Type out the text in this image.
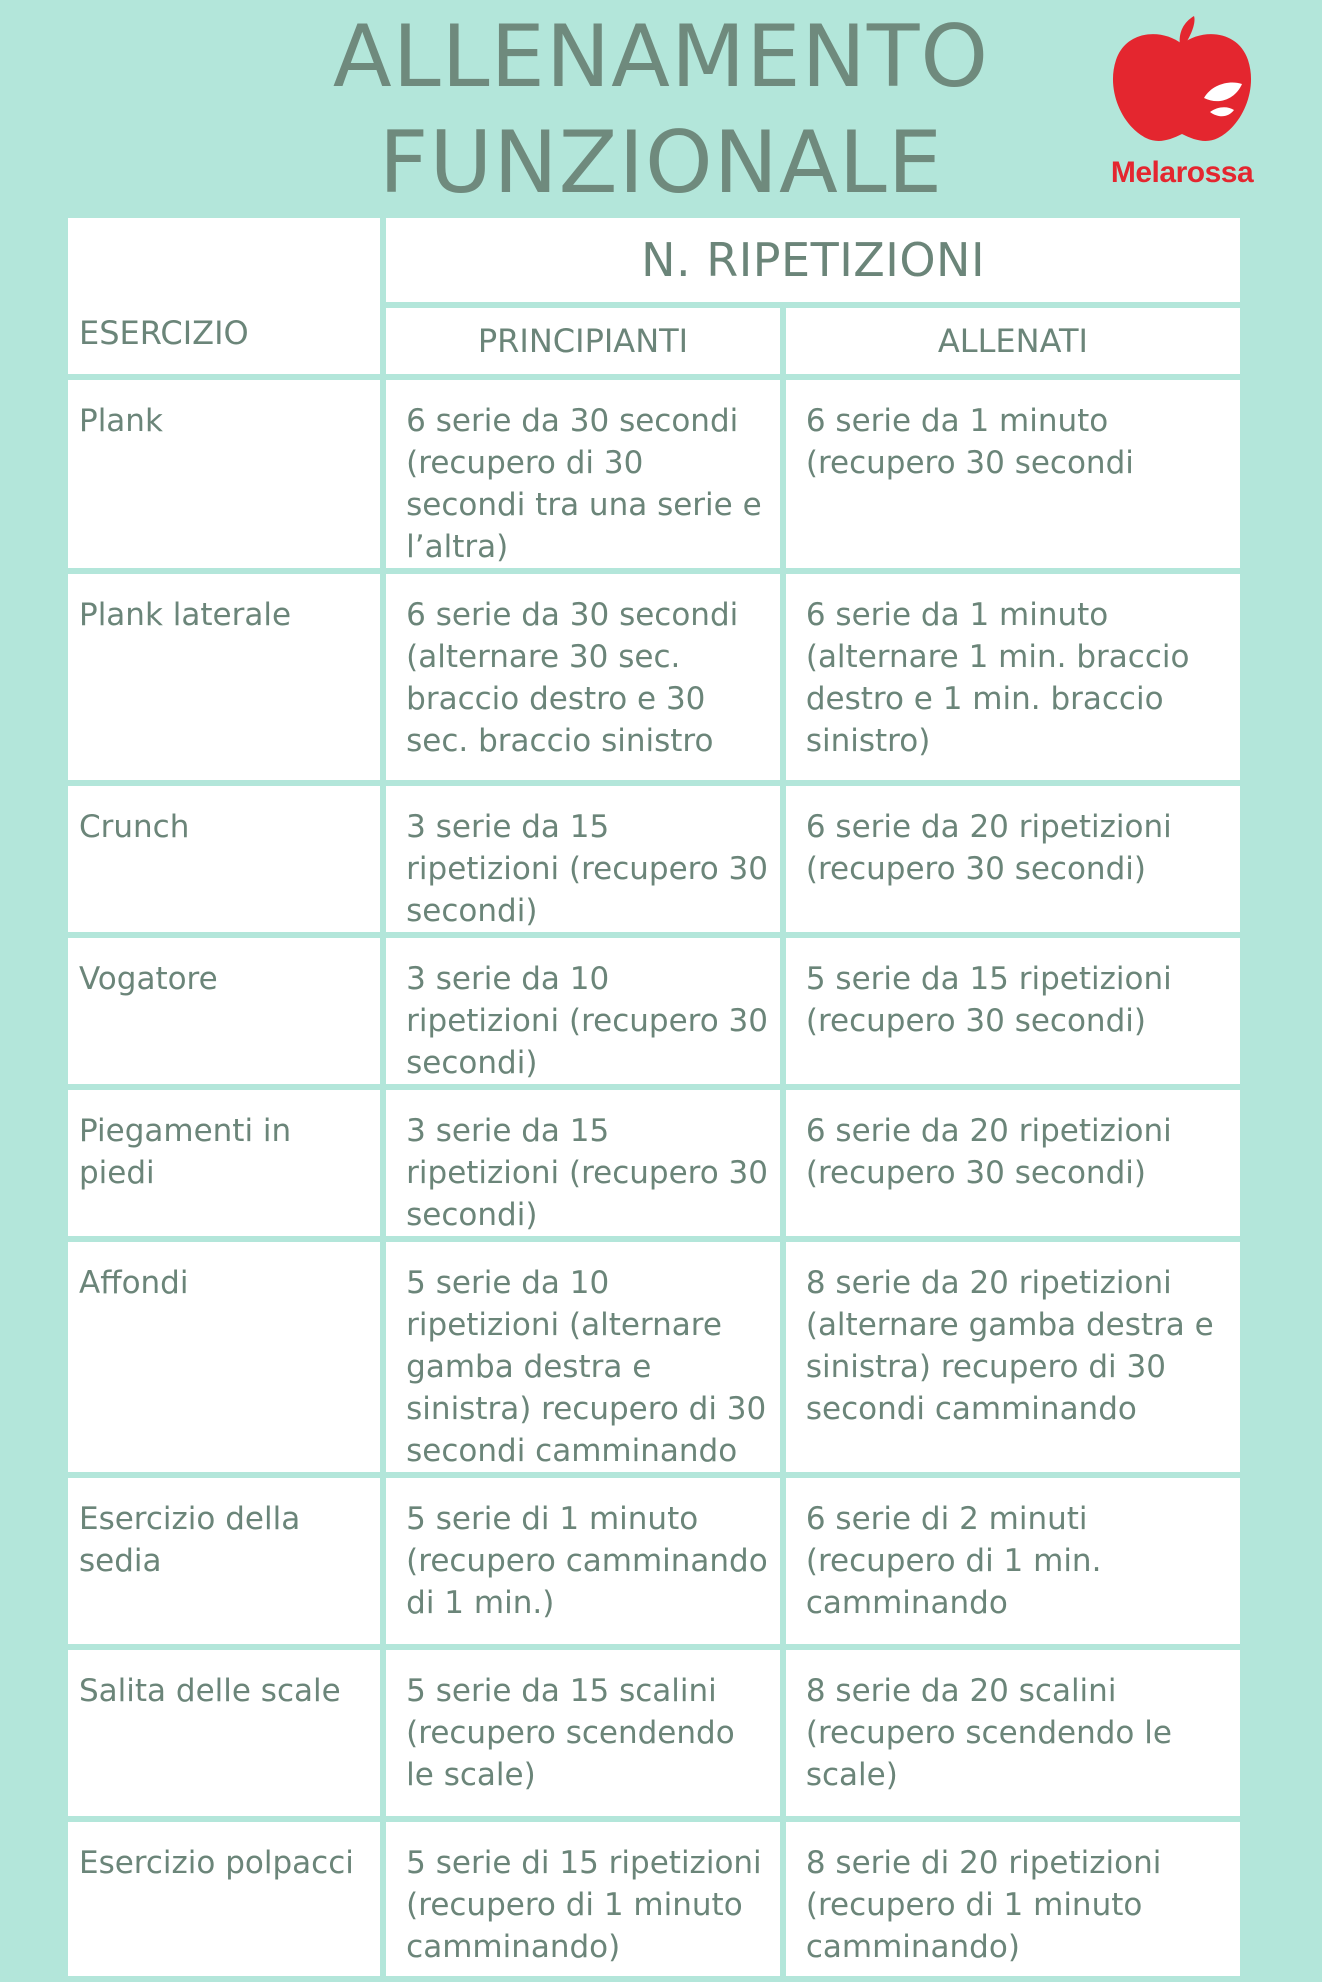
ALLENAMENTO
FUNZIONALE	Melarossa
ESERCIZIO	N. RIPETIZIONI	
	PRINCIPIANTI	ALLENATI
Plank	6 serie da 30 secondi (recupero di 30 secondi tra una serie e l’altra)	6 serie da 1 minuto (recupero 30 secondi
Plank laterale	6 serie da 30 secondi (alternare 30 sec. braccio destro e 30 sec. braccio sinistro	6 serie da 1 minuto (alternare 1 min. braccio destro e 1 min. braccio sinistro)
Crunch	3 serie da 15 ripetizioni (recupero 30 secondi)	6 serie da 20 ripetizioni (recupero 30 secondi)
Vogatore	3 serie da 10 ripetizioni (recupero 30 secondi)	5 serie da 15 ripetizioni (recupero 30 secondi)
Piegamenti in piedi	3 serie da 15 ripetizioni (recupero 30 secondi)	6 serie da 20 ripetizioni (recupero 30 secondi)
Affondi	5 serie da 10 ripetizioni (alternare gamba destra e sinistra) recupero di 30 secondi camminando	8 serie da 20 ripetizioni (alternare gamba destra e sinistra) recupero di 30 secondi camminando
Esercizio della sedia	5 serie di 1 minuto (recupero camminando di 1 min.)	6 serie di 2 minuti (recupero di 1 min. camminando
Salita delle scale	5 serie da 15 scalini (recupero scendendo le scale)	8 serie da 20 scalini (recupero scendendo le scale)
Esercizio polpacci	5 serie di 15 ripetizioni (recupero di 1 minuto camminando)	8 serie di 20 ripetizioni (recupero di 1 minuto camminando)
